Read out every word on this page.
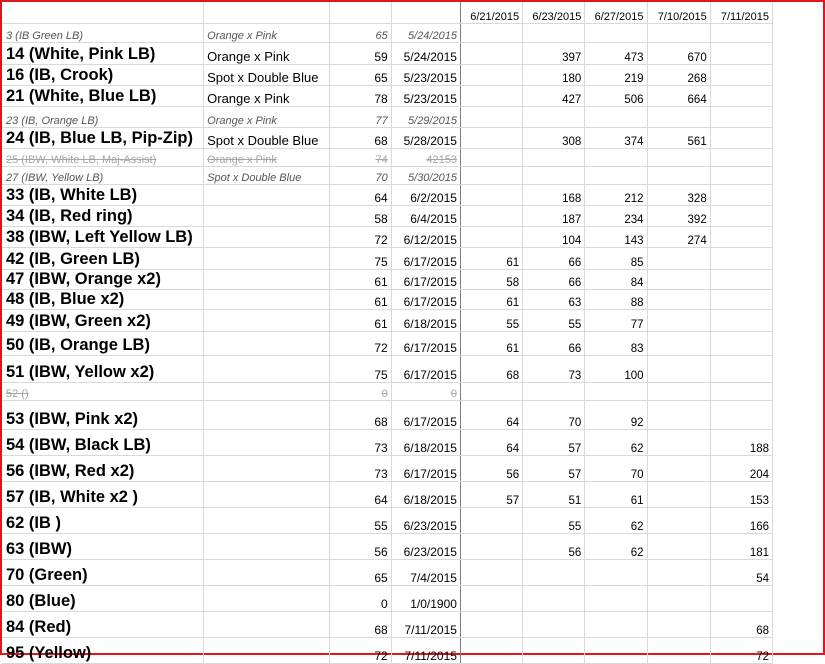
				6/21/2015	6/23/2015	6/27/2015	7/10/2015	7/11/2015
3 (IB Green LB)	Orange x Pink	65	5/24/2015					
14 (White, Pink LB)	Orange x Pink	59	5/24/2015		397	473	670	
16 (IB, Crook)	Spot x Double Blue	65	5/23/2015		180	219	268	
21 (White, Blue LB)	Orange x Pink	78	5/23/2015		427	506	664	
23 (IB, Orange LB)	Orange x Pink	77	5/29/2015					
24 (IB, Blue LB, Pip-Zip)	Spot x Double Blue	68	5/28/2015		308	374	561	
25 (IBW, White LB, Maj-Assist)	Orange x Pink	74	42153					
27 (IBW, Yellow LB)	Spot x Double Blue	70	5/30/2015					
33 (IB, White LB)		64	6/2/2015		168	212	328	
34 (IB, Red ring)		58	6/4/2015		187	234	392	
38 (IBW, Left Yellow LB)		72	6/12/2015		104	143	274	
42 (IB, Green LB)		75	6/17/2015	61	66	85		
47 (IBW, Orange x2)		61	6/17/2015	58	66	84		
48 (IB, Blue x2)		61	6/17/2015	61	63	88		
49 (IBW, Green x2)		61	6/18/2015	55	55	77		
50 (IB, Orange LB)		72	6/17/2015	61	66	83		
51 (IBW, Yellow x2)		75	6/17/2015	68	73	100		
52 ()		0	0					
53 (IBW, Pink x2)		68	6/17/2015	64	70	92		
54 (IBW, Black LB)		73	6/18/2015	64	57	62		188
56 (IBW, Red x2)		73	6/17/2015	56	57	70		204
57 (IB, White x2 )		64	6/18/2015	57	51	61		153
62 (IB )		55	6/23/2015		55	62		166
63 (IBW)		56	6/23/2015		56	62		181
70 (Green)		65	7/4/2015					54
80 (Blue)		0	1/0/1900					
84 (Red)		68	7/11/2015					68
95 (Yellow)		72	7/11/2015					72
